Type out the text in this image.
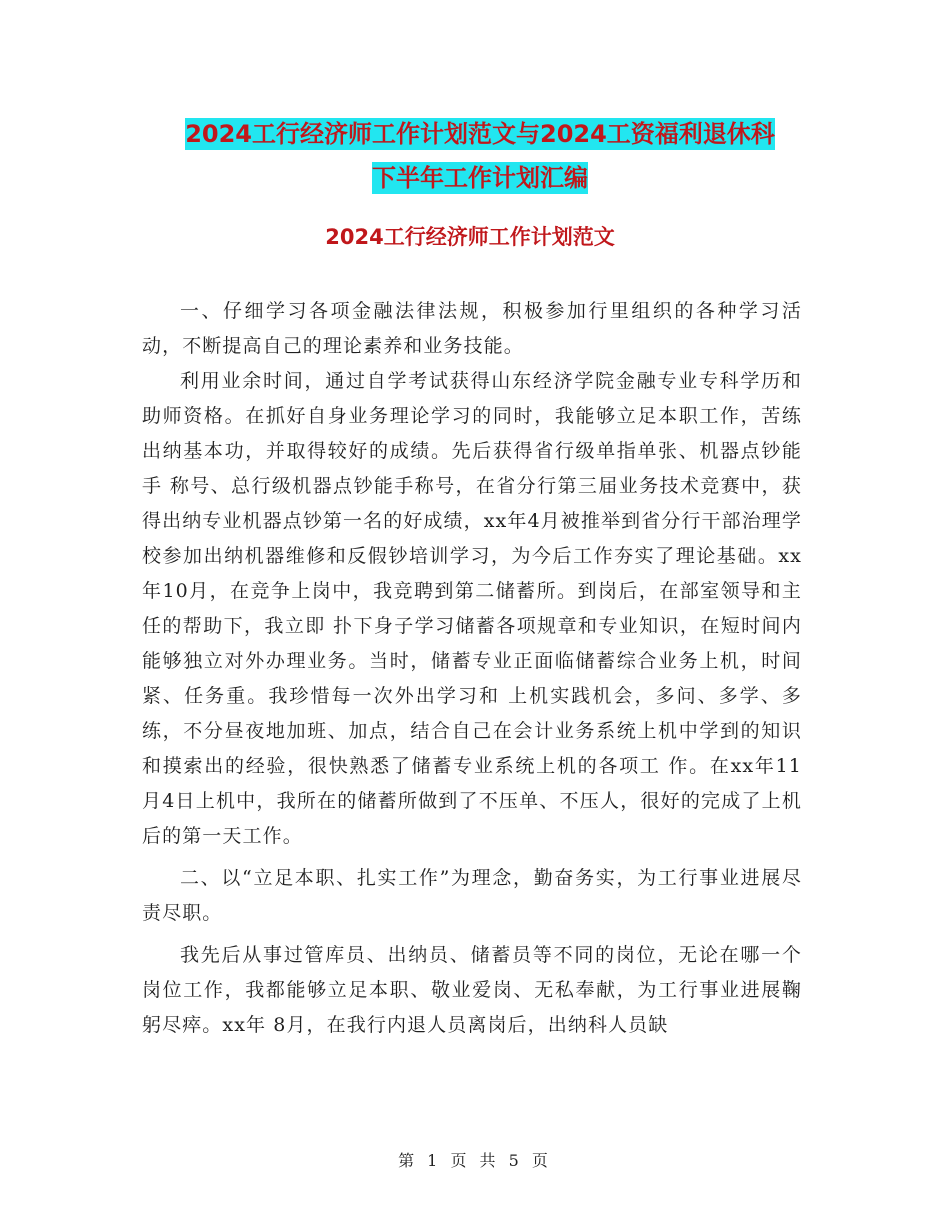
2024工行经济师工作计划范文与2024工资福利退休科
下半年工作计划汇编
2024工行经济师工作计划范文

一、仔细学习各项金融法律法规，积极参加行里组织的各种学习活动，不断提高自己的理论素养和业务技能。

利用业余时间，通过自学考试获得山东经济学院金融专业专科学历和助师资格。在抓好自身业务理论学习的同时，我能够立足本职工作，苦练出纳基本功，并取得较好的成绩。先后获得省行级单指单张、机器点钞能手 称号、总行级机器点钞能手称号，在省分行第三届业务技术竞赛中，获得出纳专业机器点钞第一名的好成绩，xx年4月被推举到省分行干部治理学校参加出纳机器维修和反假钞培训学习，为今后工作夯实了理论基础。xx年10月，在竞争上岗中，我竞聘到第二储蓄所。到岗后，在部室领导和主任的帮助下，我立即 扑下身子学习储蓄各项规章和专业知识，在短时间内能够独立对外办理业务。当时，储蓄专业正面临储蓄综合业务上机，时间紧、任务重。我珍惜每一次外出学习和 上机实践机会，多问、多学、多练，不分昼夜地加班、加点，结合自己在会计业务系统上机中学到的知识和摸索出的经验，很快熟悉了储蓄专业系统上机的各项工 作。在xx年11月4日上机中，我所在的储蓄所做到了不压单、不压人，很好的完成了上机后的第一天工作。

二、以“立足本职、扎实工作”为理念，勤奋务实，为工行事业进展尽责尽职。

我先后从事过管库员、出纳员、储蓄员等不同的岗位，无论在哪一个岗位工作，我都能够立足本职、敬业爱岗、无私奉献，为工行事业进展鞠躬尽瘁。xx年 8月，在我行内退人员离岗后，出纳科人员缺

第 1 页 共 5 页
